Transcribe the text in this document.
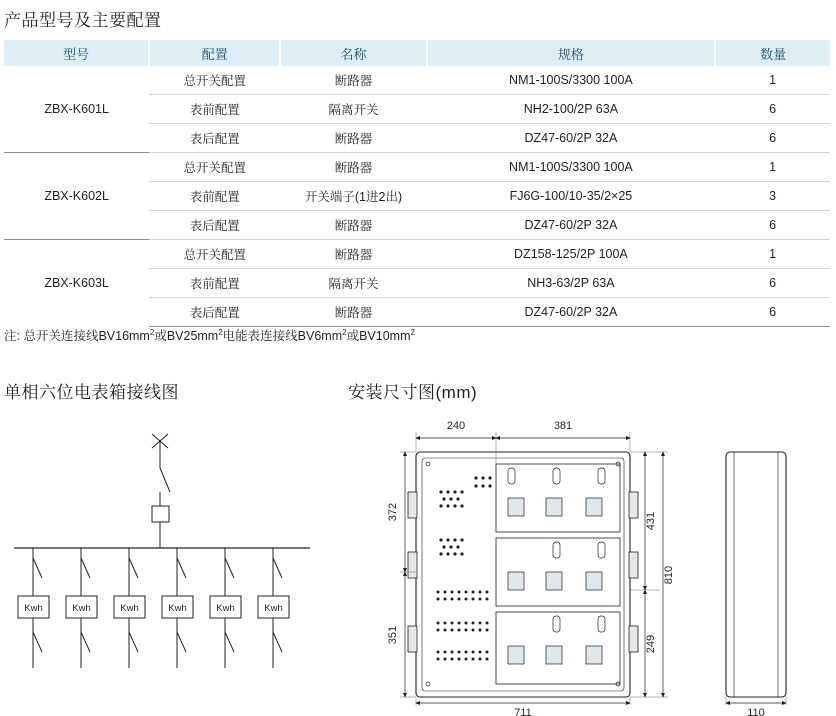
产品型号及主要配置
型号	配置	名称	规格	数量
ZBX-K601L	总开关配置	断路器	NM1-100S/3300 100A	1
	表前配置	隔离开关	NH2-100/2P 63A	6
	表后配置	断路器	DZ47-60/2P 32A	6
ZBX-K602L	总开关配置	断路器	NM1-100S/3300 100A	1
	表前配置	开关端子(1进2出)	FJ6G-100/10-35/2×25	3
	表后配置	断路器	DZ47-60/2P 32A	6
ZBX-K603L	总开关配置	断路器	DZ158-125/2P 100A	1
	表前配置	隔离开关	NH3-63/2P 63A	6
	表后配置	断路器	DZ47-60/2P 32A	6
注: 总开关连接线$BV16mm^2$或$BV25mm^2$电能表连接线$BV6mm^2$或$BV10mm^2$
单相六位电表箱接线图	安装尺寸图(mm)
Kwh	Kwh	Kwh	Kwh	Kwh	Kwh
240	381
711	110
372
351
431
249
810
